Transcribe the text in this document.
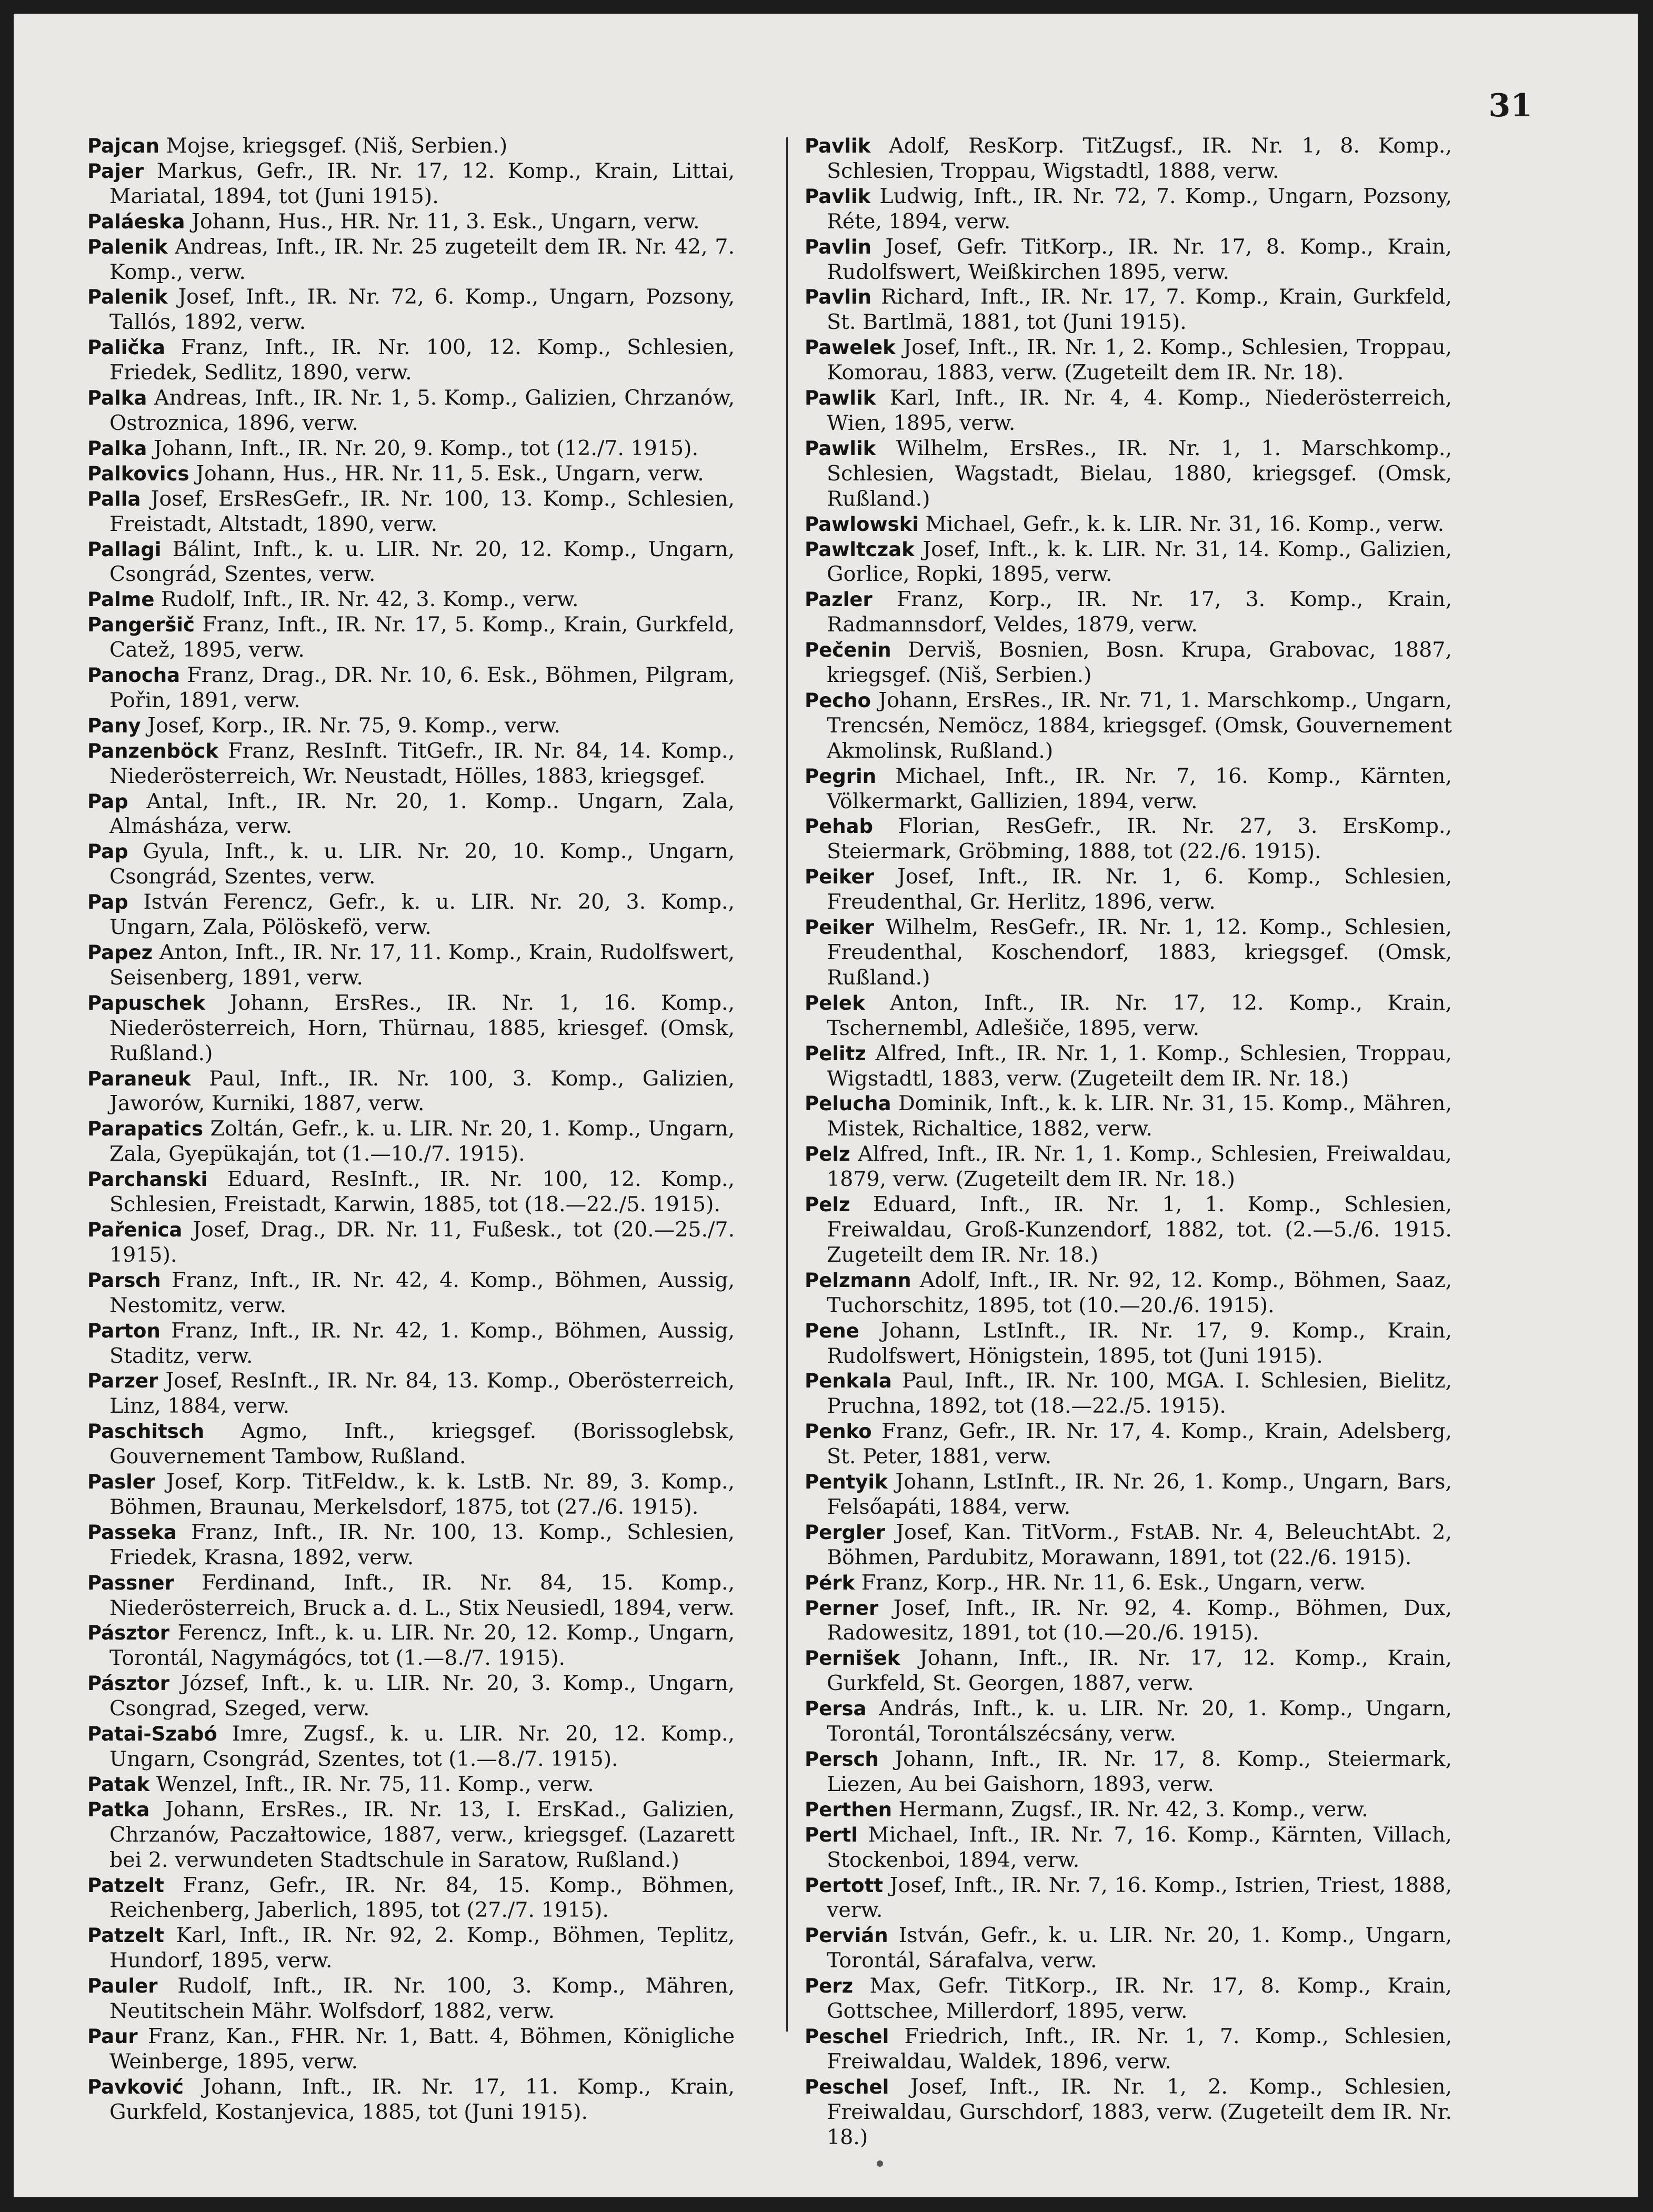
31

Pajcan Mojse, kriegsgef. (Niš, Serbien.)

Pajer Markus, Gefr., IR. Nr. 17, 12. Komp., Krain, Littai, Mariatal, 1894, tot (Juni 1915).

Paláeska Johann, Hus., HR. Nr. 11, 3. Esk., Ungarn, verw.

Palenik Andreas, Inft., IR. Nr. 25 zugeteilt dem IR. Nr. 42, 7. Komp., verw.

Palenik Josef, Inft., IR. Nr. 72, 6. Komp., Ungarn, Pozsony, Tallós, 1892, verw.

Palička Franz, Inft., IR. Nr. 100, 12. Komp., Schlesien, Friedek, Sedlitz, 1890, verw.

Palka Andreas, Inft., IR. Nr. 1, 5. Komp., Galizien, Chrzanów, Ostroznica, 1896, verw.

Palka Johann, Inft., IR. Nr. 20, 9. Komp., tot (12./7. 1915).

Palkovics Johann, Hus., HR. Nr. 11, 5. Esk., Ungarn, verw.

Palla Josef, ErsResGefr., IR. Nr. 100, 13. Komp., Schlesien, Freistadt, Altstadt, 1890, verw.

Pallagi Bálint, Inft., k. u. LIR. Nr. 20, 12. Komp., Ungarn, Csongrád, Szentes, verw.

Palme Rudolf, Inft., IR. Nr. 42, 3. Komp., verw.

Pangeršič Franz, Inft., IR. Nr. 17, 5. Komp., Krain, Gurkfeld, Catež, 1895, verw.

Panocha Franz, Drag., DR. Nr. 10, 6. Esk., Böhmen, Pilgram, Pořin, 1891, verw.

Pany Josef, Korp., IR. Nr. 75, 9. Komp., verw.

Panzenböck Franz, ResInft. TitGefr., IR. Nr. 84, 14. Komp., Niederösterreich, Wr. Neustadt, Hölles, 1883, kriegsgef.

Pap Antal, Inft., IR. Nr. 20, 1. Komp.. Ungarn, Zala, Almásháza, verw.

Pap Gyula, Inft., k. u. LIR. Nr. 20, 10. Komp., Ungarn, Csongrád, Szentes, verw.

Pap István Ferencz, Gefr., k. u. LIR. Nr. 20, 3. Komp., Ungarn, Zala, Pölöskefö, verw.

Papez Anton, Inft., IR. Nr. 17, 11. Komp., Krain, Rudolfswert, Seisenberg, 1891, verw.

Papuschek Johann, ErsRes., IR. Nr. 1, 16. Komp., Niederösterreich, Horn, Thürnau, 1885, kriesgef. (Omsk, Rußland.)

Paraneuk Paul, Inft., IR. Nr. 100, 3. Komp., Galizien, Jaworów, Kurniki, 1887, verw.

Parapatics Zoltán, Gefr., k. u. LIR. Nr. 20, 1. Komp., Ungarn, Zala, Gyepükaján, tot (1.—10./7. 1915).

Parchanski Eduard, ResInft., IR. Nr. 100, 12. Komp., Schlesien, Freistadt, Karwin, 1885, tot (18.—22./5. 1915).

Pařenica Josef, Drag., DR. Nr. 11, Fußesk., tot (20.—25./7. 1915).

Parsch Franz, Inft., IR. Nr. 42, 4. Komp., Böhmen, Aussig, Nestomitz, verw.

Parton Franz, Inft., IR. Nr. 42, 1. Komp., Böhmen, Aussig, Staditz, verw.

Parzer Josef, ResInft., IR. Nr. 84, 13. Komp., Oberösterreich, Linz, 1884, verw.

Paschitsch Agmo, Inft., kriegsgef. (Borissoglebsk, Gouvernement Tambow, Rußland.

Pasler Josef, Korp. TitFeldw., k. k. LstB. Nr. 89, 3. Komp., Böhmen, Braunau, Merkelsdorf, 1875, tot (27./6. 1915).

Passeka Franz, Inft., IR. Nr. 100, 13. Komp., Schlesien, Friedek, Krasna, 1892, verw.

Passner Ferdinand, Inft., IR. Nr. 84, 15. Komp., Niederösterreich, Bruck a. d. L., Stix Neusiedl, 1894, verw.

Pásztor Ferencz, Inft., k. u. LIR. Nr. 20, 12. Komp., Ungarn, Torontál, Nagymágócs, tot (1.—8./7. 1915).

Pásztor József, Inft., k. u. LIR. Nr. 20, 3. Komp., Ungarn, Csongrad, Szeged, verw.

Patai-Szabó Imre, Zugsf., k. u. LIR. Nr. 20, 12. Komp., Ungarn, Csongrád, Szentes, tot (1.—8./7. 1915).

Patak Wenzel, Inft., IR. Nr. 75, 11. Komp., verw.

Patka Johann, ErsRes., IR. Nr. 13, I. ErsKad., Galizien, Chrzanów, Paczałtowice, 1887, verw., kriegsgef. (Lazarett bei 2. verwundeten Stadtschule in Saratow, Rußland.)

Patzelt Franz, Gefr., IR. Nr. 84, 15. Komp., Böhmen, Reichenberg, Jaberlich, 1895, tot (27./7. 1915).

Patzelt Karl, Inft., IR. Nr. 92, 2. Komp., Böhmen, Teplitz, Hundorf, 1895, verw.

Pauler Rudolf, Inft., IR. Nr. 100, 3. Komp., Mähren, Neutitschein Mähr. Wolfsdorf, 1882, verw.

Paur Franz, Kan., FHR. Nr. 1, Batt. 4, Böhmen, Königliche Weinberge, 1895, verw.

Pavković Johann, Inft., IR. Nr. 17, 11. Komp., Krain, Gurkfeld, Kostanjevica, 1885, tot (Juni 1915).

Pavlik Adolf, ResKorp. TitZugsf., IR. Nr. 1, 8. Komp., Schlesien, Troppau, Wigstadtl, 1888, verw.

Pavlik Ludwig, Inft., IR. Nr. 72, 7. Komp., Ungarn, Pozsony, Réte, 1894, verw.

Pavlin Josef, Gefr. TitKorp., IR. Nr. 17, 8. Komp., Krain, Rudolfswert, Weißkirchen 1895, verw.

Pavlin Richard, Inft., IR. Nr. 17, 7. Komp., Krain, Gurkfeld, St. Bartlmä, 1881, tot (Juni 1915).

Pawelek Josef, Inft., IR. Nr. 1, 2. Komp., Schlesien, Troppau, Komorau, 1883, verw. (Zugeteilt dem IR. Nr. 18).

Pawlik Karl, Inft., IR. Nr. 4, 4. Komp., Niederösterreich, Wien, 1895, verw.

Pawlik Wilhelm, ErsRes., IR. Nr. 1, 1. Marschkomp., Schlesien, Wagstadt, Bielau, 1880, kriegsgef. (Omsk, Rußland.)

Pawlowski Michael, Gefr., k. k. LIR. Nr. 31, 16. Komp., verw.

Pawltczak Josef, Inft., k. k. LIR. Nr. 31, 14. Komp., Galizien, Gorlice, Ropki, 1895, verw.

Pazler Franz, Korp., IR. Nr. 17, 3. Komp., Krain, Radmannsdorf, Veldes, 1879, verw.

Pečenin Derviš, Bosnien, Bosn. Krupa, Grabovac, 1887, kriegsgef. (Niš, Serbien.)

Pecho Johann, ErsRes., IR. Nr. 71, 1. Marschkomp., Ungarn, Trencsén, Nemöcz, 1884, kriegsgef. (Omsk, Gouvernement Akmolinsk, Rußland.)

Pegrin Michael, Inft., IR. Nr. 7, 16. Komp., Kärnten, Völkermarkt, Gallizien, 1894, verw.

Pehab Florian, ResGefr., IR. Nr. 27, 3. ErsKomp., Steiermark, Gröbming, 1888, tot (22./6. 1915).

Peiker Josef, Inft., IR. Nr. 1, 6. Komp., Schlesien, Freudenthal, Gr. Herlitz, 1896, verw.

Peiker Wilhelm, ResGefr., IR. Nr. 1, 12. Komp., Schlesien, Freudenthal, Koschendorf, 1883, kriegsgef. (Omsk, Rußland.)

Pelek Anton, Inft., IR. Nr. 17, 12. Komp., Krain, Tschernembl, Adlešiče, 1895, verw.

Pelitz Alfred, Inft., IR. Nr. 1, 1. Komp., Schlesien, Troppau, Wigstadtl, 1883, verw. (Zugeteilt dem IR. Nr. 18.)

Pelucha Dominik, Inft., k. k. LIR. Nr. 31, 15. Komp., Mähren, Mistek, Richaltice, 1882, verw.

Pelz Alfred, Inft., IR. Nr. 1, 1. Komp., Schlesien, Freiwaldau, 1879, verw. (Zugeteilt dem IR. Nr. 18.)

Pelz Eduard, Inft., IR. Nr. 1, 1. Komp., Schlesien, Freiwaldau, Groß-Kunzendorf, 1882, tot. (2.—5./6. 1915. Zugeteilt dem IR. Nr. 18.)

Pelzmann Adolf, Inft., IR. Nr. 92, 12. Komp., Böhmen, Saaz, Tuchorschitz, 1895, tot (10.—20./6. 1915).

Pene Johann, LstInft., IR. Nr. 17, 9. Komp., Krain, Rudolfswert, Hönigstein, 1895, tot (Juni 1915).

Penkala Paul, Inft., IR. Nr. 100, MGA. I. Schlesien, Bielitz, Pruchna, 1892, tot (18.—22./5. 1915).

Penko Franz, Gefr., IR. Nr. 17, 4. Komp., Krain, Adelsberg, St. Peter, 1881, verw.

Pentyik Johann, LstInft., IR. Nr. 26, 1. Komp., Ungarn, Bars, Felsőapáti, 1884, verw.

Pergler Josef, Kan. TitVorm., FstAB. Nr. 4, BeleuchtAbt. 2, Böhmen, Pardubitz, Morawann, 1891, tot (22./6. 1915).

Pérk Franz, Korp., HR. Nr. 11, 6. Esk., Ungarn, verw.

Perner Josef, Inft., IR. Nr. 92, 4. Komp., Böhmen, Dux, Radowesitz, 1891, tot (10.—20./6. 1915).

Pernišek Johann, Inft., IR. Nr. 17, 12. Komp., Krain, Gurkfeld, St. Georgen, 1887, verw.

Persa András, Inft., k. u. LIR. Nr. 20, 1. Komp., Ungarn, Torontál, Torontálszécsány, verw.

Persch Johann, Inft., IR. Nr. 17, 8. Komp., Steiermark, Liezen, Au bei Gaishorn, 1893, verw.

Perthen Hermann, Zugsf., IR. Nr. 42, 3. Komp., verw.

Pertl Michael, Inft., IR. Nr. 7, 16. Komp., Kärnten, Villach, Stockenboi, 1894, verw.

Pertott Josef, Inft., IR. Nr. 7, 16. Komp., Istrien, Triest, 1888, verw.

Pervián István, Gefr., k. u. LIR. Nr. 20, 1. Komp., Ungarn, Torontál, Sárafalva, verw.

Perz Max, Gefr. TitKorp., IR. Nr. 17, 8. Komp., Krain, Gottschee, Millerdorf, 1895, verw.

Peschel Friedrich, Inft., IR. Nr. 1, 7. Komp., Schlesien, Freiwaldau, Waldek, 1896, verw.

Peschel Josef, Inft., IR. Nr. 1, 2. Komp., Schlesien, Freiwaldau, Gurschdorf, 1883, verw. (Zugeteilt dem IR. Nr. 18.)
